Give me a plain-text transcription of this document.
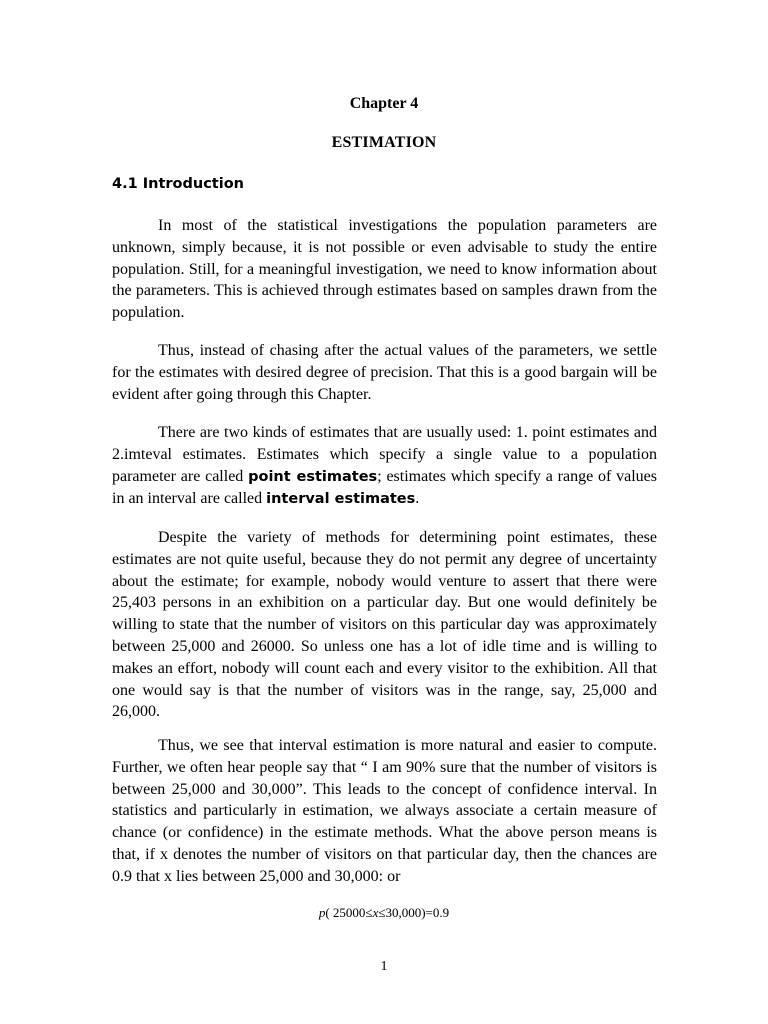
Chapter 4
ESTIMATION
4.1 Introduction

In most of the statistical investigations the population parameters are unknown, simply because, it is not possible or even advisable to study the entire population. Still, for a meaningful investigation, we need to know information about the parameters. This is achieved through estimates based on samples drawn from the population.

Thus, instead of chasing after the actual values of the parameters, we settle for the estimates with desired degree of precision. That this is a good bargain will be evident after going through this Chapter.

There are two kinds of estimates that are usually used: 1. point estimates and 2.imteval estimates. Estimates which specify a single value to a population parameter are called point estimates; estimates which specify a range of values in an interval are called interval estimates.

Despite the variety of methods for determining point estimates, these estimates are not quite useful, because they do not permit any degree of uncertainty about the estimate; for example, nobody would venture to assert that there were 25,403 persons in an exhibition on a particular day. But one would definitely be willing to state that the number of visitors on this particular day was approximately between 25,000 and 26000. So unless one has a lot of idle time and is willing to makes an effort, nobody will count each and every visitor to the exhibition. All that one would say is that the number of visitors was in the range, say, 25,000 and 26,000.

Thus, we see that interval estimation is more natural and easier to compute. Further, we often hear people say that “ I am 90% sure that the number of visitors is between 25,000 and 30,000”. This leads to the concept of confidence interval. In statistics and particularly in estimation, we always associate a certain measure of chance (or confidence) in the estimate methods. What the above person means is that, if x denotes the number of visitors on that particular day, then the chances are 0.9 that x lies between 25,000 and 30,000: or

p( 25000≤x≤30,000)=0.9
1
